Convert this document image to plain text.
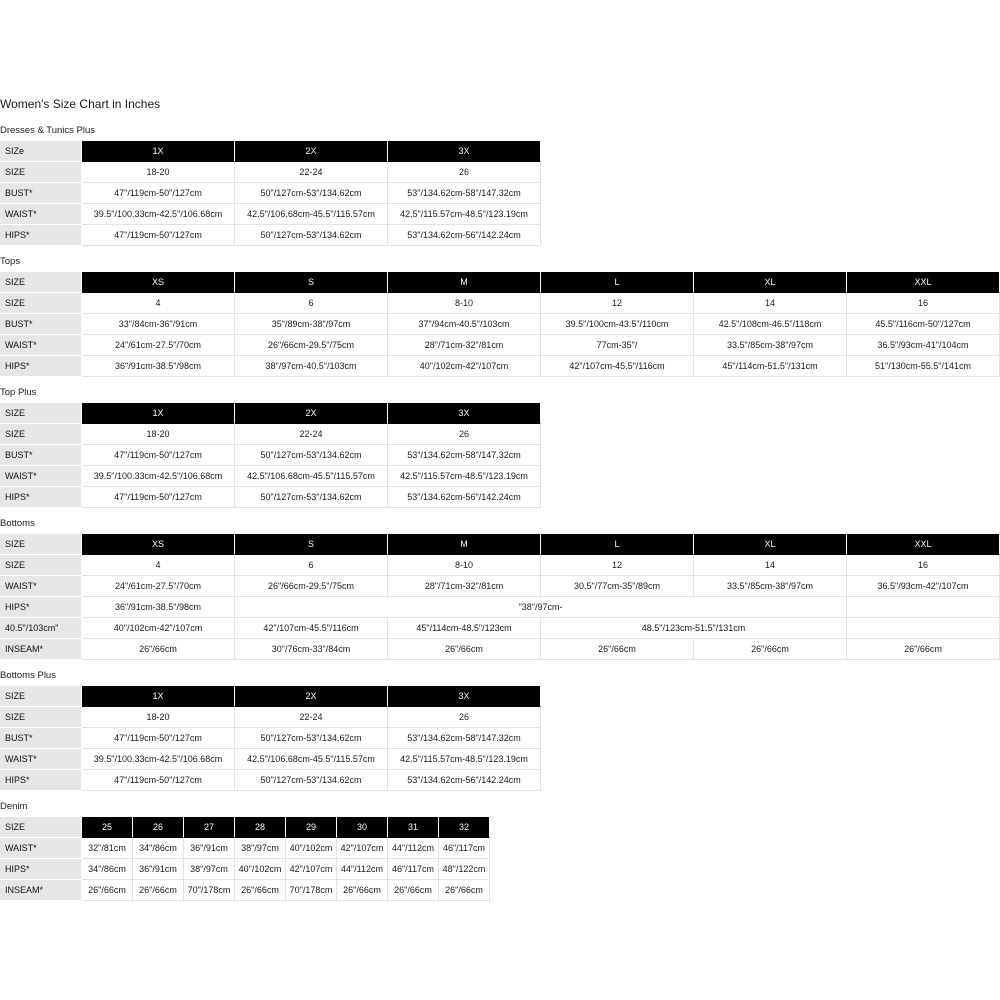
Women's Size Chart in Inches
Dresses & Tunics Plus
SIZe	1X	2X	3X
SIZE	18-20	22-24	26
BUST*	47"/119cm-50"/127cm	50"/127cm-53"/134.62cm	53"/134.62cm-58"/147.32cm
WAIST*	39.5"/100.33cm-42.5"/106.68cm	42.5"/106.68cm-45.5"/115.57cm	42.5"/115.57cm-48.5"/123.19cm
HIPS*	47"/119cm-50"/127cm	50"/127cm-53"/134.62cm	53"/134.62cm-56"/142.24cm
Tops
SIZE	XS	S	M	L	XL	XXL
SIZE	4	6	8-10	12	14	16
BUST*	33"/84cm-36"/91cm	35"/89cm-38"/97cm	37"/94cm-40.5"/103cm	39.5"/100cm-43.5"/110cm	42.5"/108cm-46.5"/118cm	45.5"/116cm-50"/127cm
WAIST*	24"/61cm-27.5"/70cm	26"/66cm-29.5"/75cm	28"/71cm-32"/81cm	77cm-35"/	33.5"/85cm-38"/97cm	36.5"/93cm-41"/104cm
HIPS*	36"/91cm-38.5"/98cm	38"/97cm-40.5"/103cm	40"/102cm-42"/107cm	42"/107cm-45.5"/116cm	45"/114cm-51.5"/131cm	51"/130cm-55.5"/141cm
Top Plus
SIZE	1X	2X	3X
SIZE	18-20	22-24	26
BUST*	47"/119cm-50"/127cm	50"/127cm-53"/134.62cm	53"/134.62cm-58"/147.32cm
WAIST*	39.5"/100.33cm-42.5"/106.68cm	42.5"/106.68cm-45.5"/115.57cm	42.5"/115.57cm-48.5"/123.19cm
HIPS*	47"/119cm-50"/127cm	50"/127cm-53"/134.62cm	53"/134.62cm-56"/142.24cm
Bottoms
SIZE	XS	S	M	L	XL	XXL
SIZE	4	6	8-10	12	14	16
WAIST*	24"/61cm-27.5"/70cm	26"/66cm-29.5"/75cm	28"/71cm-32"/81cm	30.5"/77cm-35"/89cm	33.5"/85cm-38"/97cm	36.5"/93cm-42"/107cm
HIPS*	36"/91cm-38.5"/98cm	"38"/97cm-				
40.5"/103cm"	40"/102cm-42"/107cm	42"/107cm-45.5"/116cm	45"/114cm-48.5"/123cm	48.5"/123cm-51.5"/131cm		
INSEAM*	26"/66cm	30"/76cm-33"/84cm	26"/66cm	26"/66cm	26"/66cm	26"/66cm
Bottoms Plus
SIZE	1X	2X	3X
SIZE	18-20	22-24	26
BUST*	47"/119cm-50"/127cm	50"/127cm-53"/134.62cm	53"/134.62cm-58"/147.32cm
WAIST*	39.5"/100.33cm-42.5"/106.68cm	42.5"/106.68cm-45.5"/115.57cm	42.5"/115.57cm-48.5"/123.19cm
HIPS*	47"/119cm-50"/127cm	50"/127cm-53"/134.62cm	53"/134.62cm-56"/142.24cm
Denim
SIZE	25	26	27	28	29	30	31	32
WAIST*	32"/81cm	34"/86cm	36"/91cm	38"/97cm	40"/102cm	42"/107cm	44"/112cm	46"/117cm
HIPS*	34"/86cm	36"/91cm	38"/97cm	40"/102cm	42"/107cm	44"/112cm	46"/117cm	48"/122cm
INSEAM*	26"/66cm	26"/66cm	70"/178cm	26"/66cm	70"/178cm	26"/66cm	26"/66cm	26"/66cm
